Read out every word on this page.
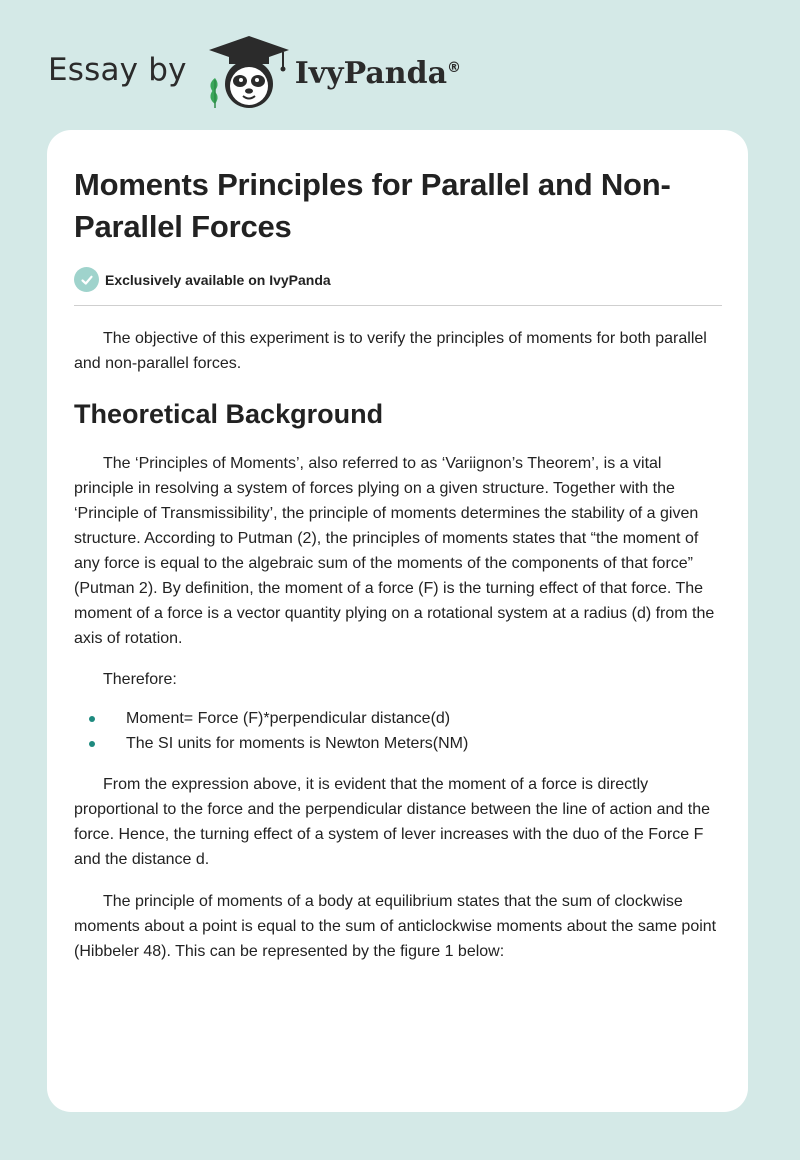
Essay by	IvyPanda®
Moments Principles for Parallel and Non-Parallel Forces
Exclusively available on IvyPanda

The objective of this experiment is to verify the principles of moments for both parallel and non-parallel forces.

Theoretical Background

The ‘Principles of Moments’, also referred to as ‘Variignon’s Theorem’, is a vital principle in resolving a system of forces plying on a given structure. Together with the ‘Principle of Transmissibility’, the principle of moments determines the stability of a given structure. According to Putman (2), the principles of moments states that “the moment of any force is equal to the algebraic sum of the moments of the components of that force” (Putman 2). By definition, the moment of a force (F) is the turning effect of that force. The moment of a force is a vector quantity plying on a rotational system at a radius (d) from the axis of rotation.

Therefore:

Moment= Force (F)*perpendicular distance(d)
The SI units for moments is Newton Meters(NM)

From the expression above, it is evident that the moment of a force is directly proportional to the force and the perpendicular distance between the line of action and the force. Hence, the turning effect of a system of lever increases with the duo of the Force F and the distance d.

The principle of moments of a body at equilibrium states that the sum of clockwise moments about a point is equal to the sum of anticlockwise moments about the same point (Hibbeler 48). This can be represented by the figure 1 below:
